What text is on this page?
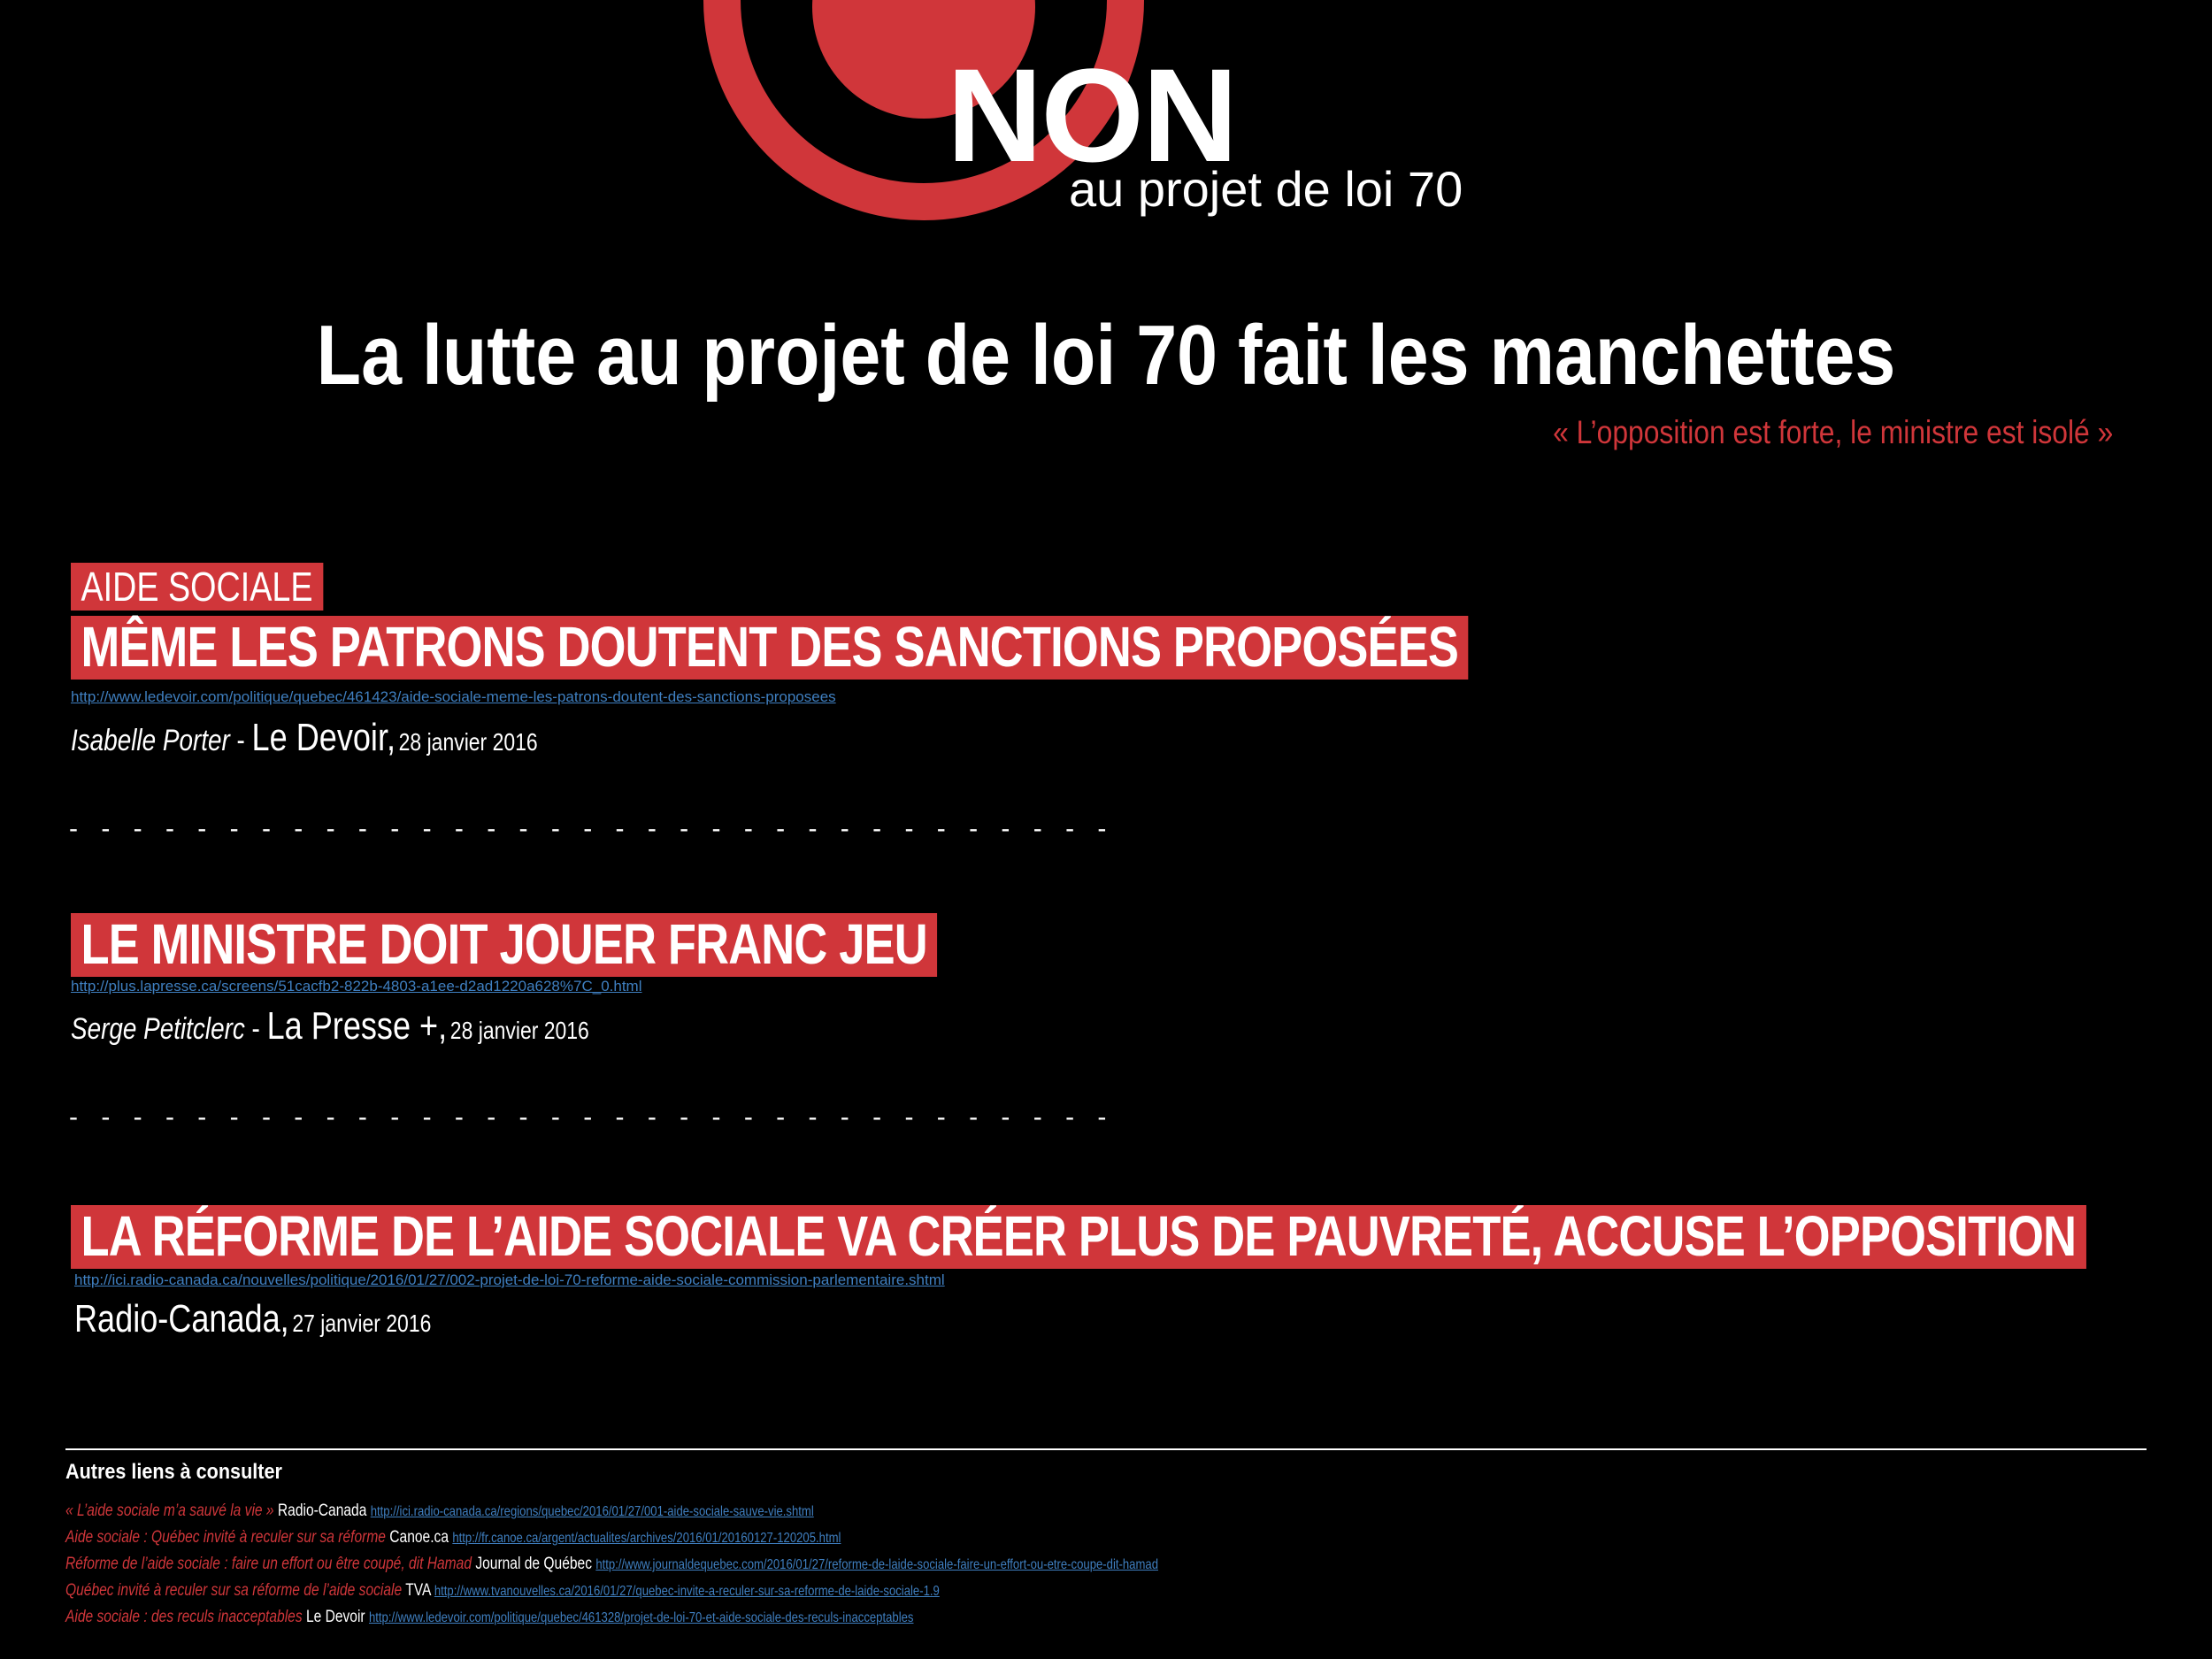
NON
au projet de loi 70
La lutte au projet de loi 70 fait les manchettes
« L’opposition est forte, le ministre est isolé »
AIDE SOCIALE
MÊME LES PATRONS DOUTENT DES SANCTIONS PROPOSÉES
http://www.ledevoir.com/politique/quebec/461423/aide-sociale-meme-les-patrons-doutent-des-sanctions-proposees
Isabelle Porter - Le Devoir, 28 janvier 2016
- - - - - - - - - - - - - - - - - - - - - - - - - - - - - - - - -
LE MINISTRE DOIT JOUER FRANC JEU
http://plus.lapresse.ca/screens/51cacfb2-822b-4803-a1ee-d2ad1220a628%7C_0.html
Serge Petitclerc - La Presse +, 28 janvier 2016
- - - - - - - - - - - - - - - - - - - - - - - - - - - - - - - - -
LA RÉFORME DE L’AIDE SOCIALE VA CRÉER PLUS DE PAUVRETÉ, ACCUSE L’OPPOSITION
http://ici.radio-canada.ca/nouvelles/politique/2016/01/27/002-projet-de-loi-70-reforme-aide-sociale-commission-parlementaire.shtml
Radio-Canada, 27 janvier 2016
Autres liens à consulter
« L’aide sociale m’a sauvé la vie » Radio-Canada http://ici.radio-canada.ca/regions/quebec/2016/01/27/001-aide-sociale-sauve-vie.shtml
Aide sociale : Québec invité à reculer sur sa réforme Canoe.ca http://fr.canoe.ca/argent/actualites/archives/2016/01/20160127-120205.html
Réforme de l’aide sociale : faire un effort ou être coupé, dit Hamad Journal de Québec http://www.journaldequebec.com/2016/01/27/reforme-de-laide-sociale-faire-un-effort-ou-etre-coupe-dit-hamad
Québec invité à reculer sur sa réforme de l’aide sociale TVA http://www.tvanouvelles.ca/2016/01/27/quebec-invite-a-reculer-sur-sa-reforme-de-laide-sociale-1.9
Aide sociale : des reculs inacceptables Le Devoir http://www.ledevoir.com/politique/quebec/461328/projet-de-loi-70-et-aide-sociale-des-reculs-inacceptables
